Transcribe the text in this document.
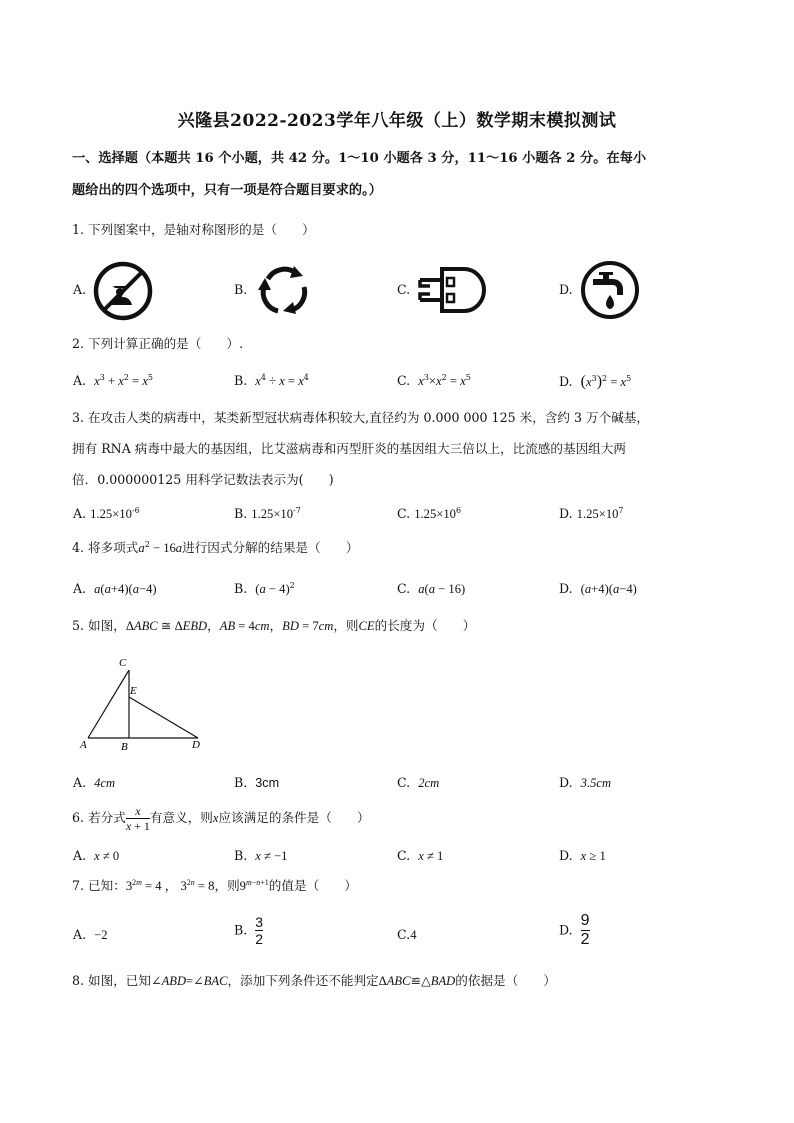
兴隆县2022-2023学年八年级（上）数学期末模拟测试
一、选择题（本题共 16 个小题，共 42 分。1～10 小题各 3 分，11～16 小题各 2 分。在每小
题给出的四个选项中，只有一项是符合题目要求的。）
1. 下列图案中，是轴对称图形的是（　　）
A.	B.	C.	D.
2. 下列计算正确的是（　　）.
A. $x^3 + x^2 = x^5$	B. $x^4 \div x = x^4$	C. $x^3\times x^2 = x^5$	D. $(x^3)^2 = x^5$
3. 在攻击人类的病毒中，某类新型冠状病毒体积较大,直径约为 0.000 000 125 米，含约 3 万个碱基，
拥有 RNA 病毒中最大的基因组，比艾滋病毒和丙型肝炎的基因组大三倍以上，比流感的基因组大两
倍．0.000000125 用科学记数法表示为(　　)
A. $1.25\times 10^{-6}$	B. $1.25\times 10^{-7}$	C. $1.25\times 10^6$	D. $1.25\times 10^7$
4. 将多项式$a^2 - 16a$进行因式分解的结果是（　　）
A. a(a+4)(a−4)	B. $(a - 4)^2$	C. a(a − 16)	D. (a+4)(a−4)
5. 如图，ΔABC ≅ ΔEBD，AB = 4cm，BD = 7cm，则CE的长度为（　　）
C
E
A	B	D
A. 4cm	B. 3cm	C. 2cm	D. 3.5cm
6. 若分式 $\frac{x}{x + 1}$ 有意义，则x应该满足的条件是（　　）
A. x ≠ 0	B. x ≠ −1	C. x ≠ 1	D. x ≥ 1
7. 已知：$3^{2m} = 4$ ， $3^{2n} = 8$，则$9^{m-n+1}$的值是（　　）
A. −2	B. $\frac{3}{2}$	C.4	D. $\frac{9}{2}$
8. 如图，已知∠ABD=∠BAC，添加下列条件还不能判定ΔABC≌△BAD的依据是（　　）
